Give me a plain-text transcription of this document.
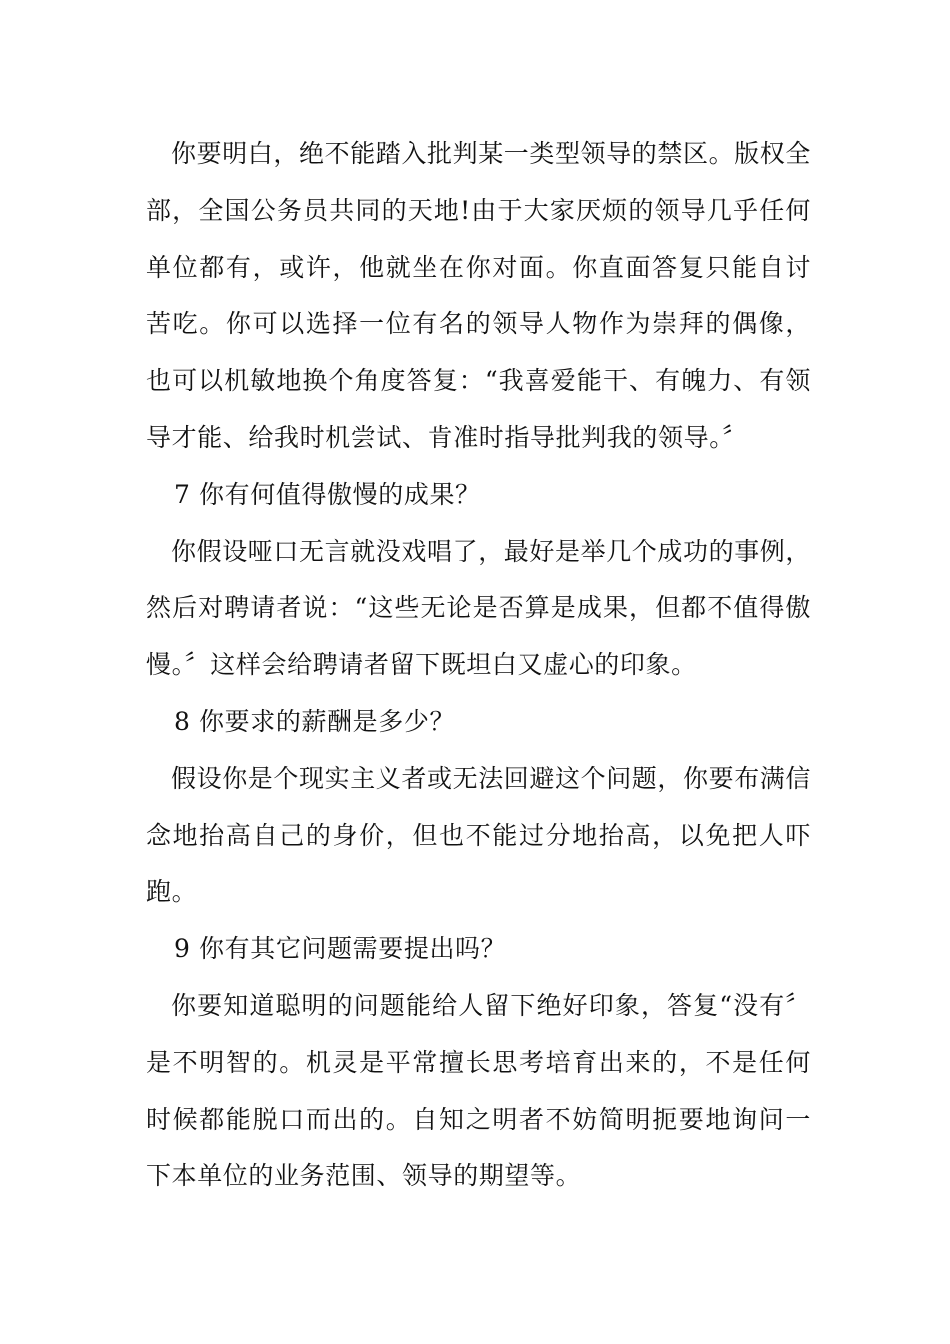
你要明白，绝不能踏入批判某一类型领导的禁区。版权全部，全国公务员共同的天地!由于大家厌烦的领导几乎任何单位都有，或许，他就坐在你对面。你直面答复只能自讨苦吃。你可以选择一位有名的领导人物作为崇拜的偶像，也可以机敏地换个角度答复：“我喜爱能干、有魄力、有领导才能、给我时机尝试、肯准时指导批判我的领导。〞

7 你有何值得傲慢的成果？

你假设哑口无言就没戏唱了，最好是举几个成功的事例，然后对聘请者说：“这些无论是否算是成果，但都不值得傲慢。〞这样会给聘请者留下既坦白又虚心的印象。

8 你要求的薪酬是多少？

假设你是个现实主义者或无法回避这个问题，你要布满信念地抬高自己的身价，但也不能过分地抬高，以免把人吓跑。

9 你有其它问题需要提出吗？

你要知道聪明的问题能给人留下绝好印象，答复“没有〞是不明智的。机灵是平常擅长思考培育出来的，不是任何时候都能脱口而出的。自知之明者不妨简明扼要地询问一下本单位的业务范围、领导的期望等。
